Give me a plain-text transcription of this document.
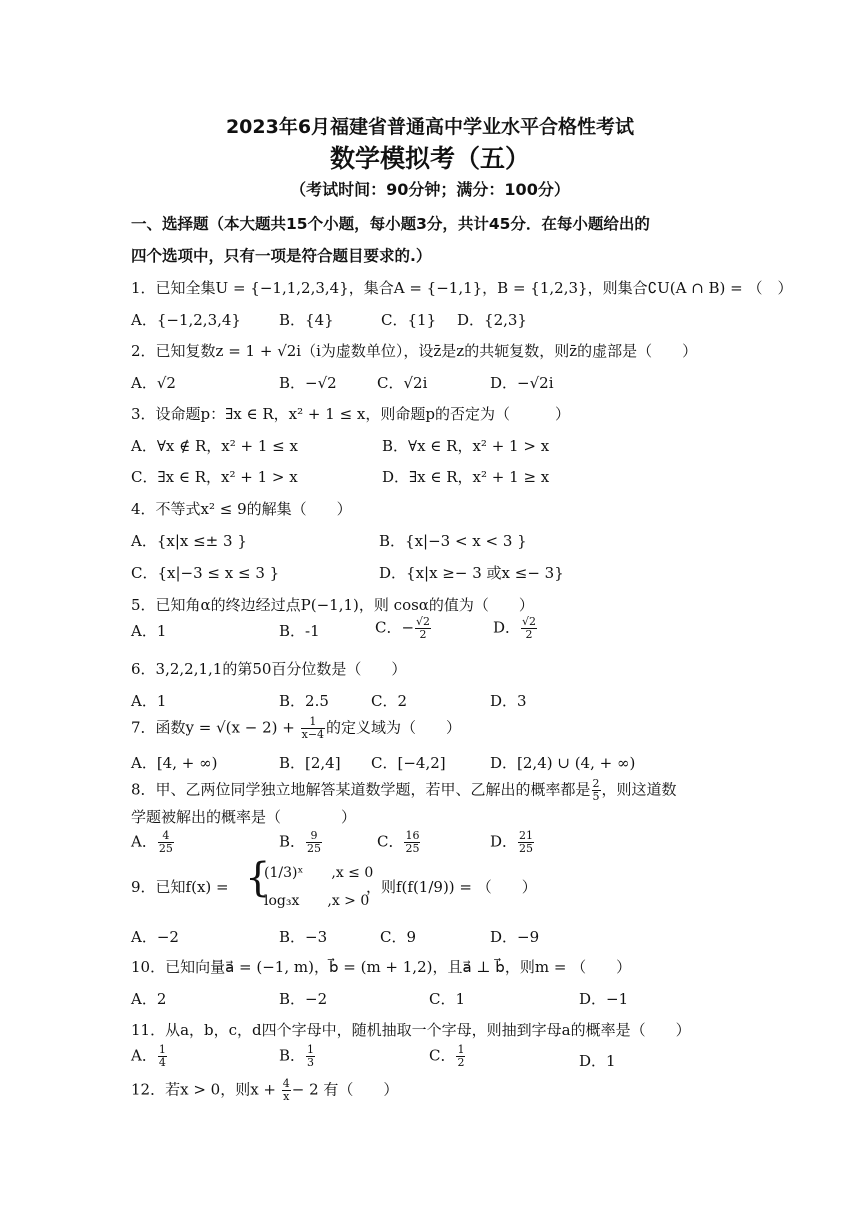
2023年6月福建省普通高中学业水平合格性考试
数学模拟考（五）
（考试时间：90分钟；满分：100分）
一、选择题（本大题共15个小题，每小题3分，共计45分．在每小题给出的
四个选项中，只有一项是符合题目要求的.）
1．已知全集U = {−1,1,2,3,4}，集合A = {−1,1}，B = {1,2,3}，则集合∁U(A ∩ B) = （　）
A．{−1,2,3,4}	B．{4}	C．{1} D．{2,3}
2．已知复数z = 1 + √2i（i为虚数单位），设z̄是z的共轭复数，则z̄的虚部是（　　）
A．√2	B．−√2	C．√2i	D．−√2i
3．设命题p：∃x ∈ R，x² + 1 ≤ x，则命题p的否定为（　　　）
A．∀x ∉ R，x² + 1 ≤ x	B．∀x ∈ R，x² + 1 > x
C．∃x ∈ R，x² + 1 > x	D．∃x ∈ R，x² + 1 ≥ x
4．不等式x² ≤ 9的解集（　　）
A．{x|x ≤± 3 }	B．{x|−3 < x < 3 }
C．{x|−3 ≤ x ≤ 3 }	D．{x|x ≥− 3 或x ≤− 3}
5．已知角α的终边经过点P(−1,1)，则 cosα的值为（　　）
A．1	B．-1	C．− $\frac{√2}{2}$	D． $\frac{√2}{2}$
6．3,2,2,1,1的第50百分位数是（　　）
A．1	B．2.5	C．2	D．3
7．函数$y = √(x - 2) + \frac{1}{x-4}$ 的定义域为（　　）
A．[4, + ∞)	B．[2,4] C．[−4,2]	D．[2,4) ∪ (4, + ∞)
8．甲、乙两位同学独立地解答某道数学题，若甲、乙解出的概率都是 $\frac{2}{5}$ ，则这道数
学题被解出的概率是（　　　　）
A． $\frac{4}{25}$	B． $\frac{9}{25}$	C． $\frac{16}{25}$	D． $\frac{21}{25}$
9．已知f(x) = {
(1/3)ˣ　　,x ≤ 0
log₃x　　,x > 0
，则f(f(1/9)) = （　　）
A．−2	B．−3	C．9	D．−9
10．已知向量a⃗ = (−1, m)，b⃗ = (m + 1,2)，且a⃗ ⊥ b⃗，则m = （　　）
A．2	B．−2	C．1	D．−1
11．从a，b，c，d四个字母中，随机抽取一个字母，则抽到字母a的概率是（　　）
A． $\frac{1}{4}$	B． $\frac{1}{3}$	C． $\frac{1}{2}$	D．1
12．若x > 0，则$x + \frac{4}{x} - 2$ 有（　　）
